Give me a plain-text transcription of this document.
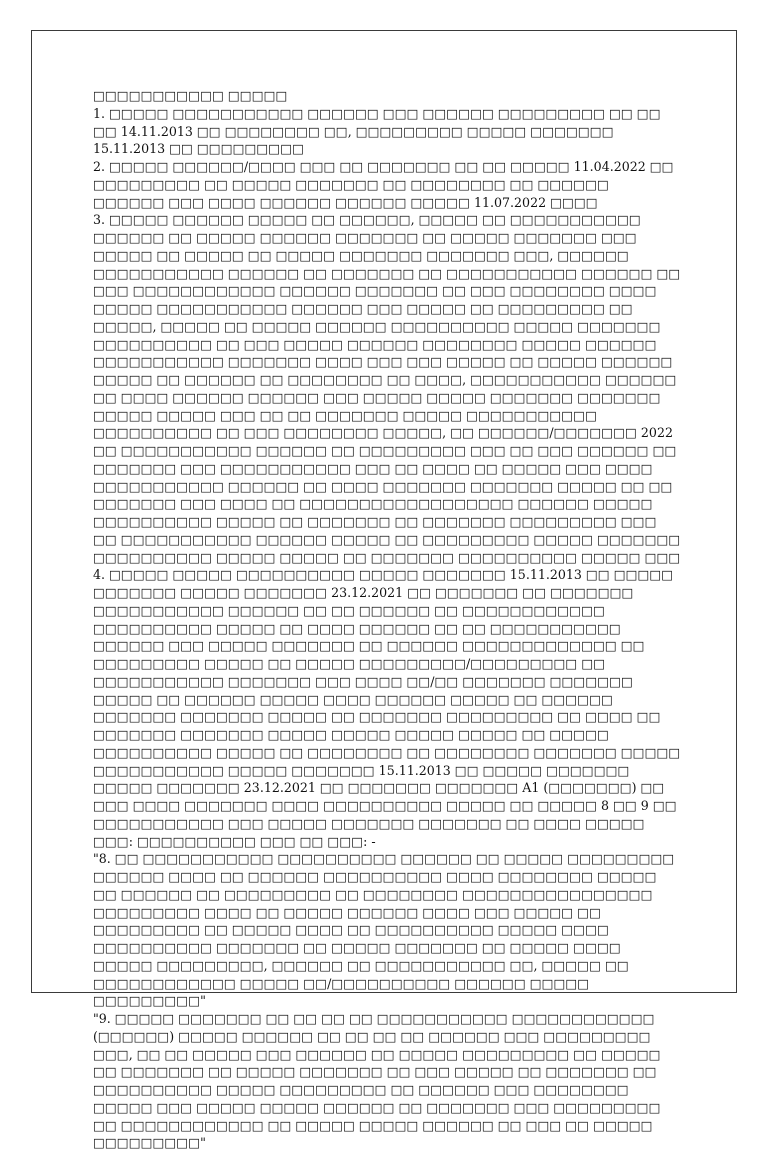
□□□□□□□□□□□ □□□□□

1. □□□□□ □□□□□□□□□□□ □□□□□□ □□□ □□□□□□ □□□□□□□□□ □□ □□ □□ 14.11.2013 □□ □□□□□□□□ □□, □□□□□□□□□ □□□□□ □□□□□□□ 15.11.2013 □□ □□□□□□□□□

2. □□□□□ □□□□□□/□□□□ □□□ □□ □□□□□□□ □□ □□ □□□□□ 11.04.2022 □□ □□□□□□□□□ □□ □□□□□ □□□□□□□ □□ □□□□□□□□ □□ □□□□□□ □□□□□□ □□□ □□□□ □□□□□□ □□□□□□ □□□□□ 11.07.2022 □□□□

3. □□□□□ □□□□□□ □□□□□ □□ □□□□□□, □□□□□ □□ □□□□□□□□□□□ □□□□□□ □□ □□□□□ □□□□□□ □□□□□□□ □□ □□□□□ □□□□□□□ □□□ □□□□□ □□ □□□□□ □□ □□□□□ □□□□□□□ □□□□□□□ □□□, □□□□□□ □□□□□□□□□□□ □□□□□□ □□ □□□□□□□ □□ □□□□□□□□□□□ □□□□□□ □□ □□□ □□□□□□□□□□□□ □□□□□□ □□□□□□□ □□ □□□ □□□□□□□□ □□□□ □□□□□ □□□□□□□□□□□ □□□□□□ □□□ □□□□□ □□ □□□□□□□□□ □□ □□□□□, □□□□□ □□ □□□□□ □□□□□□ □□□□□□□□□□ □□□□□ □□□□□□□ □□□□□□□□□□ □□ □□□ □□□□□ □□□□□□ □□□□□□□□ □□□□□ □□□□□□ □□□□□□□□□□□ □□□□□□□ □□□□ □□□ □□□ □□□□□ □□ □□□□□ □□□□□□ □□□□□ □□ □□□□□□ □□ □□□□□□□□ □□ □□□□, □□□□□□□□□□□ □□□□□□ □□ □□□□ □□□□□□ □□□□□□ □□□ □□□□□ □□□□□ □□□□□□□ □□□□□□□ □□□□□ □□□□□ □□□ □□ □□ □□□□□□□ □□□□□ □□□□□□□□□□□ □□□□□□□□□□ □□ □□□ □□□□□□□□ □□□□□, □□ □□□□□□/□□□□□□□ 2022 □□ □□□□□□□□□□□ □□□□□□ □□ □□□□□□□□□ □□□ □□ □□□ □□□□□□ □□ □□□□□□□ □□□ □□□□□□□□□□□ □□□ □□ □□□□ □□ □□□□□ □□□ □□□□ □□□□□□□□□□□ □□□□□□ □□ □□□□ □□□□□□□ □□□□□□□ □□□□□ □□ □□ □□□□□□□ □□□ □□□□ □□ □□□□□□□□□□□□□□□□□□ □□□□□□ □□□□□ □□□□□□□□□□ □□□□□ □□ □□□□□□□ □□ □□□□□□□ □□□□□□□□□ □□□ □□ □□□□□□□□□□□ □□□□□□ □□□□□ □□ □□□□□□□□□ □□□□□ □□□□□□□ □□□□□□□□□□ □□□□□ □□□□□ □□ □□□□□□□ □□□□□□□□□□ □□□□□ □□□

4. □□□□□ □□□□□ □□□□□□□□□□ □□□□□ □□□□□□□ 15.11.2013 □□ □□□□□ □□□□□□□ □□□□□ □□□□□□□ 23.12.2021 □□ □□□□□□□ □□ □□□□□□□ □□□□□□□□□□□ □□□□□□ □□ □□ □□□□□□ □□ □□□□□□□□□□□□ □□□□□□□□□□ □□□□□ □□ □□□□ □□□□□□ □□ □□ □□□□□□□□□□□ □□□□□□ □□□ □□□□□ □□□□□□□ □□ □□□□□□ □□□□□□□□□□□□□ □□ □□□□□□□□□ □□□□□ □□ □□□□□ □□□□□□□□□/□□□□□□□□□ □□ □□□□□□□□□□□ □□□□□□□ □□□ □□□□ □□/□□ □□□□□□□ □□□□□□□ □□□□□ □□ □□□□□□ □□□□□ □□□□ □□□□□□ □□□□□ □□ □□□□□□ □□□□□□□ □□□□□□□ □□□□□ □□ □□□□□□□ □□□□□□□□□ □□ □□□□ □□ □□□□□□□ □□□□□□□ □□□□□ □□□□□ □□□□□ □□□□□ □□ □□□□□ □□□□□□□□□□ □□□□□ □□ □□□□□□□□ □□ □□□□□□□□ □□□□□□□ □□□□□ □□□□□□□□□□□ □□□□□ □□□□□□□ 15.11.2013 □□ □□□□□ □□□□□□□ □□□□□ □□□□□□□ 23.12.2021 □□ □□□□□□□ □□□□□□□ A1 (□□□□□□□) □□ □□□ □□□□ □□□□□□□ □□□□ □□□□□□□□□□ □□□□□ □□ □□□□□ 8 □□ 9 □□ □□□□□□□□□□□ □□□ □□□□□ □□□□□□□ □□□□□□□ □□ □□□□ □□□□□ □□□: □□□□□□□□□□ □□□ □□ □□□: -

"8. □□ □□□□□□□□□□□ □□□□□□□□□□ □□□□□□ □□ □□□□□ □□□□□□□□□ □□□□□□ □□□□ □□ □□□□□□ □□□□□□□□□□ □□□□ □□□□□□□□ □□□□□ □□ □□□□□□ □□ □□□□□□□□□ □□ □□□□□□□□ □□□□□□□□□□□□□□□□ □□□□□□□□□ □□□□ □□ □□□□□ □□□□□□ □□□□ □□□ □□□□□ □□ □□□□□□□□□ □□ □□□□□ □□□□ □□ □□□□□□□□□□ □□□□□ □□□□ □□□□□□□□□□ □□□□□□□ □□ □□□□□ □□□□□□□ □□ □□□□□ □□□□ □□□□□ □□□□□□□□□, □□□□□□ □□ □□□□□□□□□□□ □□, □□□□□ □□ □□□□□□□□□□□□ □□□□□ □□/□□□□□□□□□□ □□□□□□ □□□□□ □□□□□□□□□"

"9. □□□□□ □□□□□□□ □□ □□ □□ □□ □□□□□□□□□□□ □□□□□□□□□□□□ (□□□□□□) □□□□□ □□□□□□ □□ □□ □□ □□ □□□□□□ □□□ □□□□□□□□□ □□□, □□ □□ □□□□□ □□□ □□□□□□ □□ □□□□□ □□□□□□□□□ □□ □□□□□ □□ □□□□□□□ □□ □□□□□ □□□□□□□ □□ □□□ □□□□□ □□ □□□□□□□ □□ □□□□□□□□□□ □□□□□ □□□□□□□□□ □□ □□□□□□ □□□ □□□□□□□□ □□□□□ □□□ □□□□□ □□□□□ □□□□□□ □□ □□□□□□□ □□□ □□□□□□□□□ □□ □□□□□□□□□□□□ □□ □□□□□ □□□□□ □□□□□□ □□ □□□ □□ □□□□□ □□□□□□□□□"
